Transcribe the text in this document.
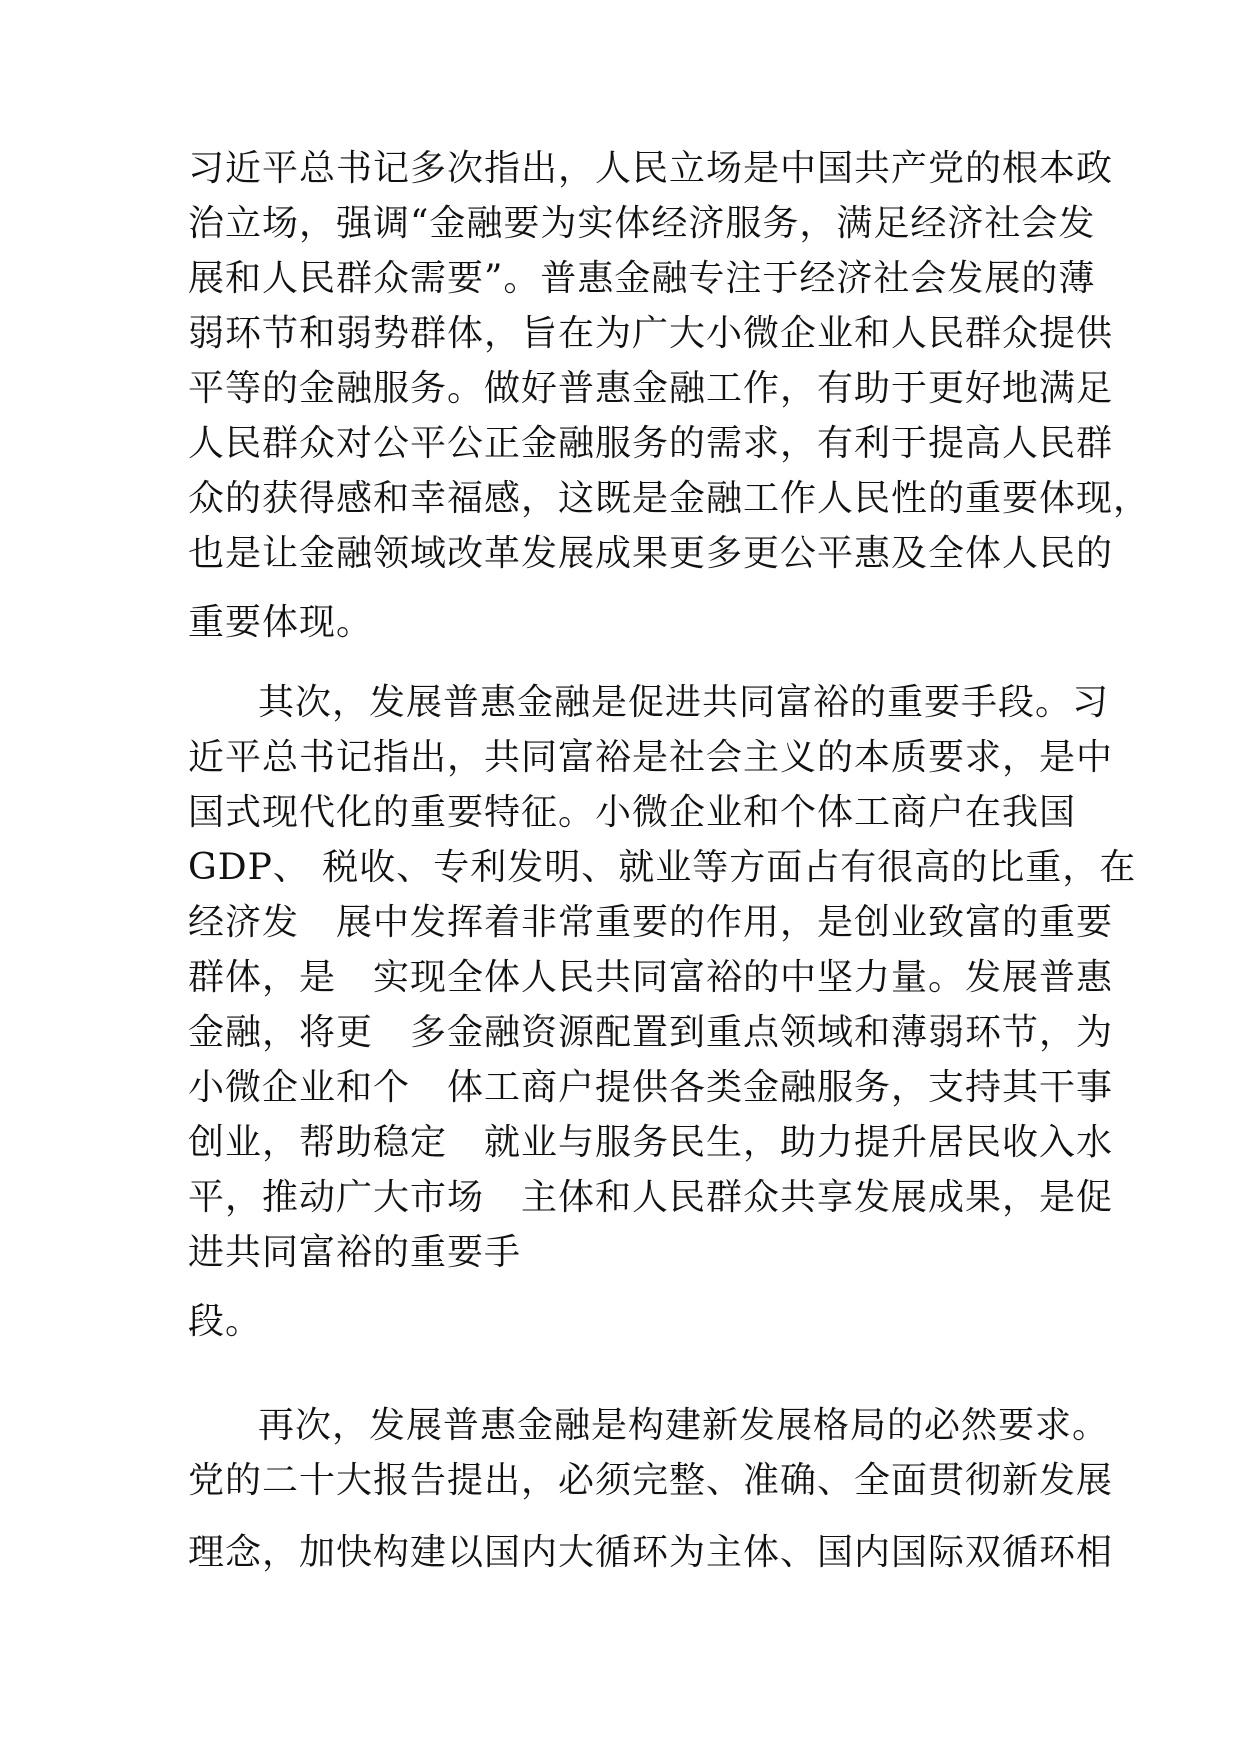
习近平总书记多次指出，人民立场是中国共产党的根本政
治立场，强调“金融要为实体经济服务，满足经济社会发
展和人民群众需要”。普惠金融专注于经济社会发展的薄
弱环节和弱势群体，旨在为广大小微企业和人民群众提供
平等的金融服务。做好普惠金融工作，有助于更好地满足
人民群众对公平公正金融服务的需求，有利于提高人民群
众的获得感和幸福感，这既是金融工作人民性的重要体现，
也是让金融领域改革发展成果更多更公平惠及全体人民的
重要体现。
其次，发展普惠金融是促进共同富裕的重要手段。习
近平总书记指出，共同富裕是社会主义的本质要求，是中
国式现代化的重要特征。小微企业和个体工商户在我国
GDP、 税收、专利发明、就业等方面占有很高的比重，在
经济发　展中发挥着非常重要的作用，是创业致富的重要
群体，是　实现全体人民共同富裕的中坚力量。发展普惠
金融，将更　多金融资源配置到重点领域和薄弱环节，为
小微企业和个　体工商户提供各类金融服务，支持其干事
创业，帮助稳定　就业与服务民生，助力提升居民收入水
平，推动广大市场　主体和人民群众共享发展成果，是促
进共同富裕的重要手
段。
再次，发展普惠金融是构建新发展格局的必然要求。
党的二十大报告提出，必须完整、准确、全面贯彻新发展
理念，加快构建以国内大循环为主体、国内国际双循环相
